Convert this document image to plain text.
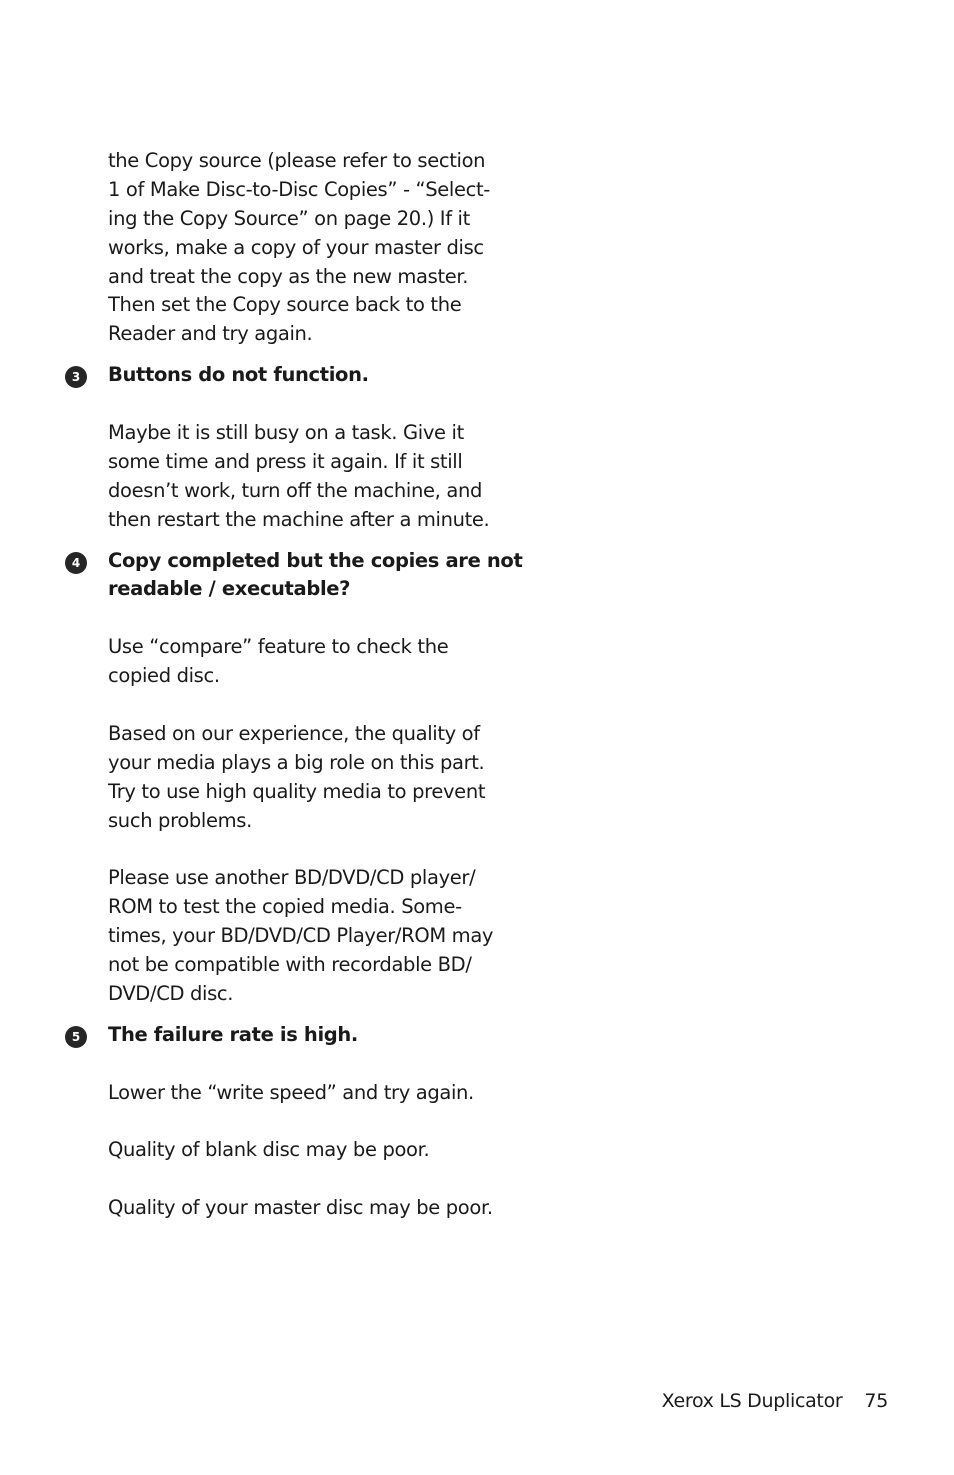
the Copy source (please refer to section
1 of Make Disc-to-Disc Copies” - “Select-
ing the Copy Source” on page 20.) If it
works, make a copy of your master disc
and treat the copy as the new master.
Then set the Copy source back to the
Reader and try again.
3	Buttons do not function.
Maybe it is still busy on a task. Give it
some time and press it again. If it still
doesn’t work, turn off the machine, and
then restart the machine after a minute.
4	Copy completed but the copies are not
readable / executable?
Use “compare” feature to check the
copied disc.
Based on our experience, the quality of
your media plays a big role on this part.
Try to use high quality media to prevent
such problems.
Please use another BD/DVD/CD player/
ROM to test the copied media. Some-
times, your BD/DVD/CD Player/ROM may
not be compatible with recordable BD/
DVD/CD disc.
5	The failure rate is high.
Lower the “write speed” and try again.
Quality of blank disc may be poor.
Quality of your master disc may be poor.
Xerox LS Duplicator 75
